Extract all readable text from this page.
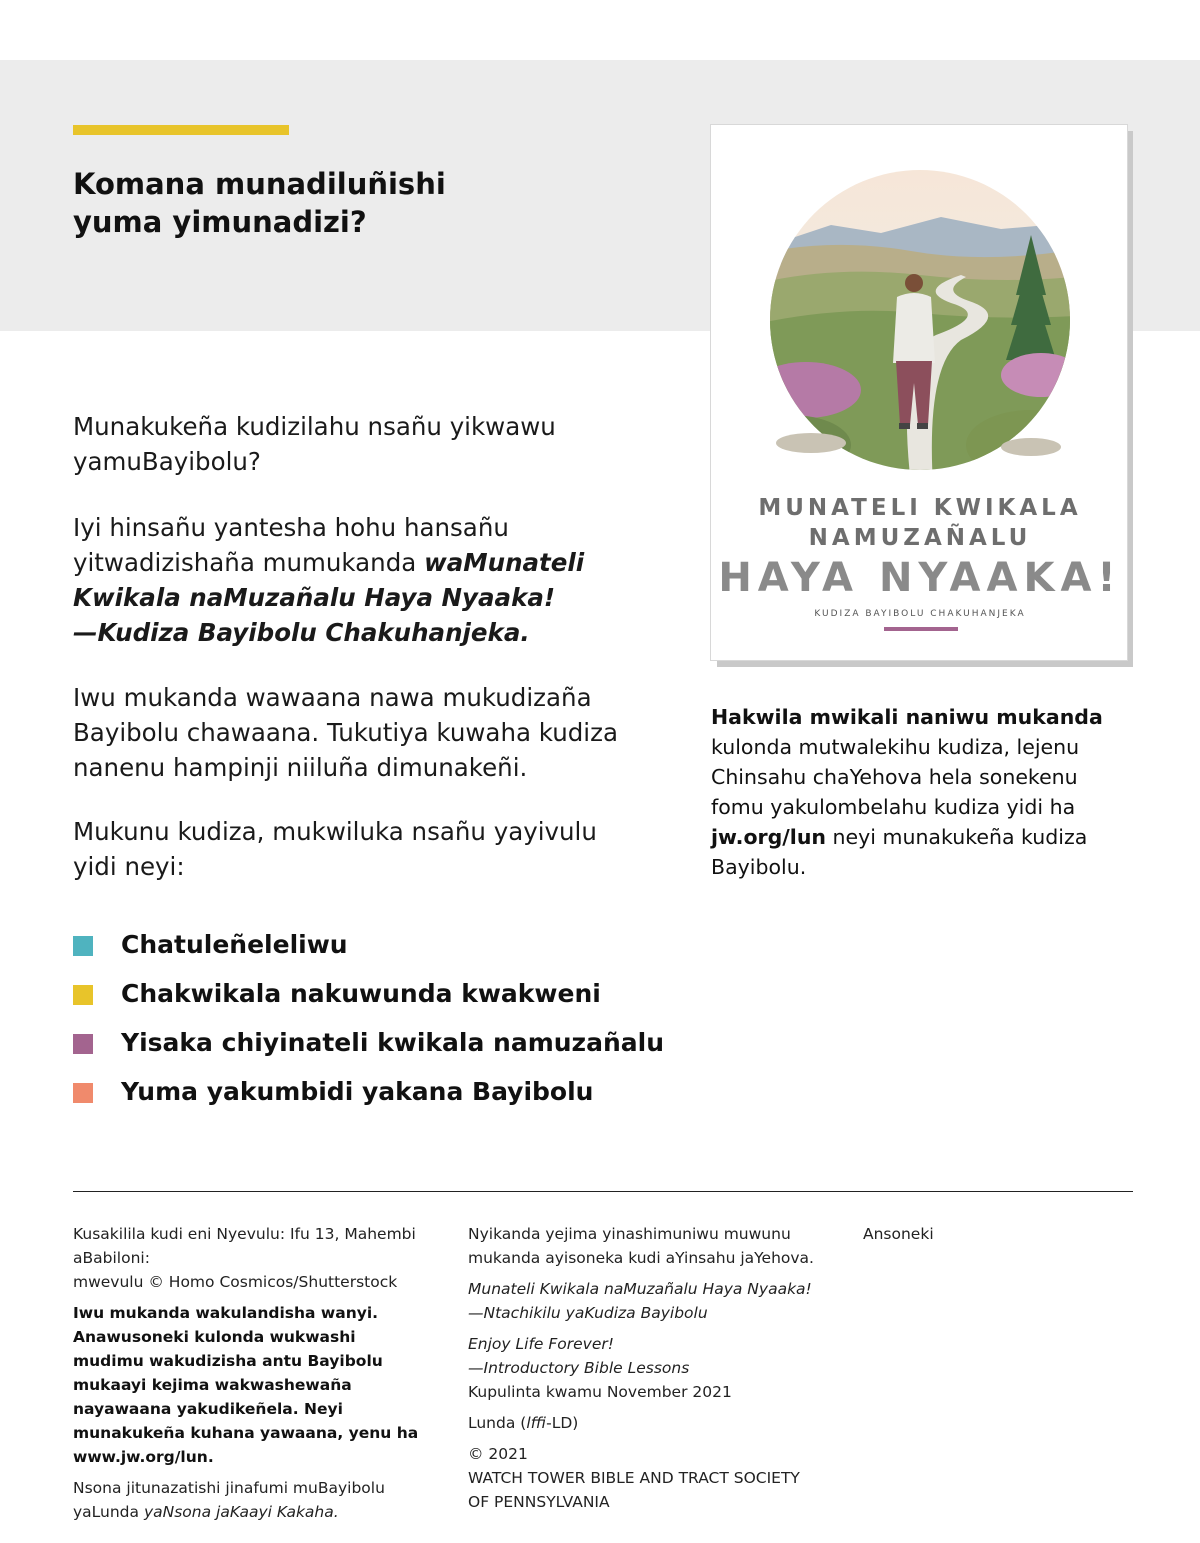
Komana munadiluñishi
yuma yimunadizi?

Munakukeña kudizilahu nsañu yikwawu yamuBayibolu?

Iyi hinsañu yantesha hohu hansañu yitwadizishaña mumukanda waMunateli Kwikala naMuzañalu Haya Nyaaka!
—Kudiza Bayibolu Chakuhanjeka.

Iwu mukanda wawaana nawa mukudizaña Bayibolu chawaana. Tukutiya kuwaha kudiza nanenu hampinji niiluña dimunakeñi.

Mukunu kudiza, mukwiluka nsañu yayivulu yidi neyi:

Chatuleñeleliwu
Chakwikala nakuwunda kwakweni
Yisaka chiyinateli kwikala namuzañalu
Yuma yakumbidi yakana Bayibolu
MUNATELI KWIKALA
NAMUZAÑALU
HAYA NYAAKA!
KUDIZA BAYIBOLU CHAKUHANJEKA

Hakwila mwikali naniwu mukanda kulonda mutwalekihu kudiza, lejenu Chinsahu chaYehova hela sonekenu fomu yakulombelahu kudiza yidi ha jw.org/lun neyi munakukeña kudiza Bayibolu.

Kusakilila kudi eni Nyevulu: Ifu 13, Mahembi aBabiloni:
mwevulu © Homo Cosmicos/Shutterstock

Iwu mukanda wakulandisha wanyi. Anawusoneki kulonda wukwashi mudimu wakudizisha antu Bayibolu mukaayi kejima wakwashewaña nayawaana yakudikeñela. Neyi munakukeña kuhana yawaana, yenu ha www.jw.org/lun.

Nsona jitunazatishi jinafumi muBayibolu yaLunda yaNsona jaKaayi Kakaha.

Nyikanda yejima yinashimuniwu muwunu mukanda ayisoneka kudi aYinsahu jaYehova.

Munateli Kwikala naMuzañalu Haya Nyaaka!
—Ntachikilu yaKudiza Bayibolu

Enjoy Life Forever!
—Introductory Bible Lessons
Kupulinta kwamu November 2021

Lunda (lffi-LD)

© 2021
WATCH TOWER BIBLE AND TRACT SOCIETY
OF PENNSYLVANIA

Ansoneki
